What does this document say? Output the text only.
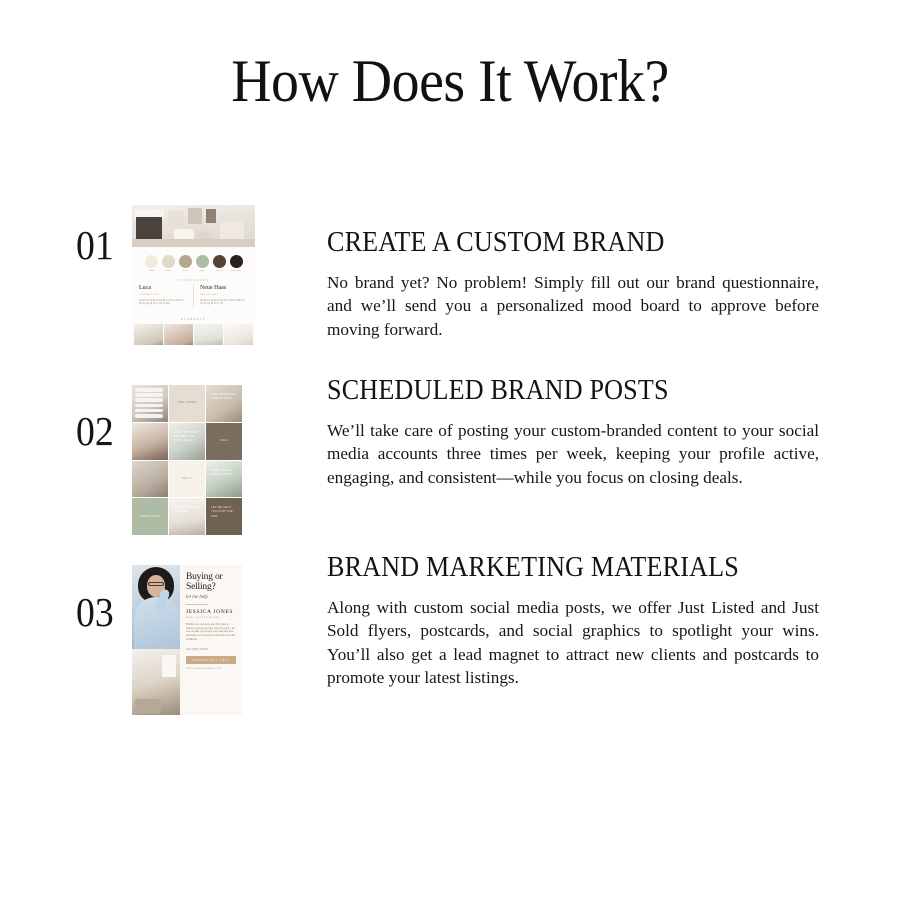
How Does It Work?
01
Cream	Linen	Taupe	Sage	Cocoa	Espresso
TYPOGRAPHY
Luca
PRIMARY FONT
Aa Bb Cc Dd Ee Ff Gg Hh Ii Jj Kk Ll Mm Nn Oo Pp Qq Rr Ss Tt Uu Vv Ww
Neue Haas
SECONDARY
Aa Bb Cc Dd Ee Ff Gg Hh Ii Jj Kk Ll Mm Nn Oo Pp Qq Rr Ss Tt Uu
ELEMENTS
CREATE A CUSTOM BRAND
No brand yet? No problem! Simply fill out our brand questionnaire, and we’ll send you a personalized mood board to approve before moving forward.
02
JUST LISTED
TIPS FOR FIRST TIME BUYERS
WHAT TO KNOW BEFORE YOU BUY A HOME	SOLD
HELLO
YOUR DREAM HOME AWAITS
OPEN HOUSE
READY TO MAKE A MOVE?
LET ME HELP YOU FIND THE ONE
SCHEDULED BRAND POSTS
We’ll take care of posting your custom-branded content to your social media accounts three times per week, keeping your profile active, engaging, and consistent—while you focus on closing deals.
03
Buying or Selling?
let me help
JESSICA JONES
REAL ESTATE AGENT
Whether you are buying your first home or selling a property you have loved for years, I am here to guide you through every step with care and clarity. Let me help you make the move with confidence.
CALL (555) 123-4567
SCHEDULE A CALL
WWW.JESSICAJONES.COM
BRAND MARKETING MATERIALS
Along with custom social media posts, we offer Just Listed and Just Sold flyers, postcards, and social graphics to spotlight your wins. You’ll also get a lead magnet to attract new clients and postcards to promote your latest listings.
